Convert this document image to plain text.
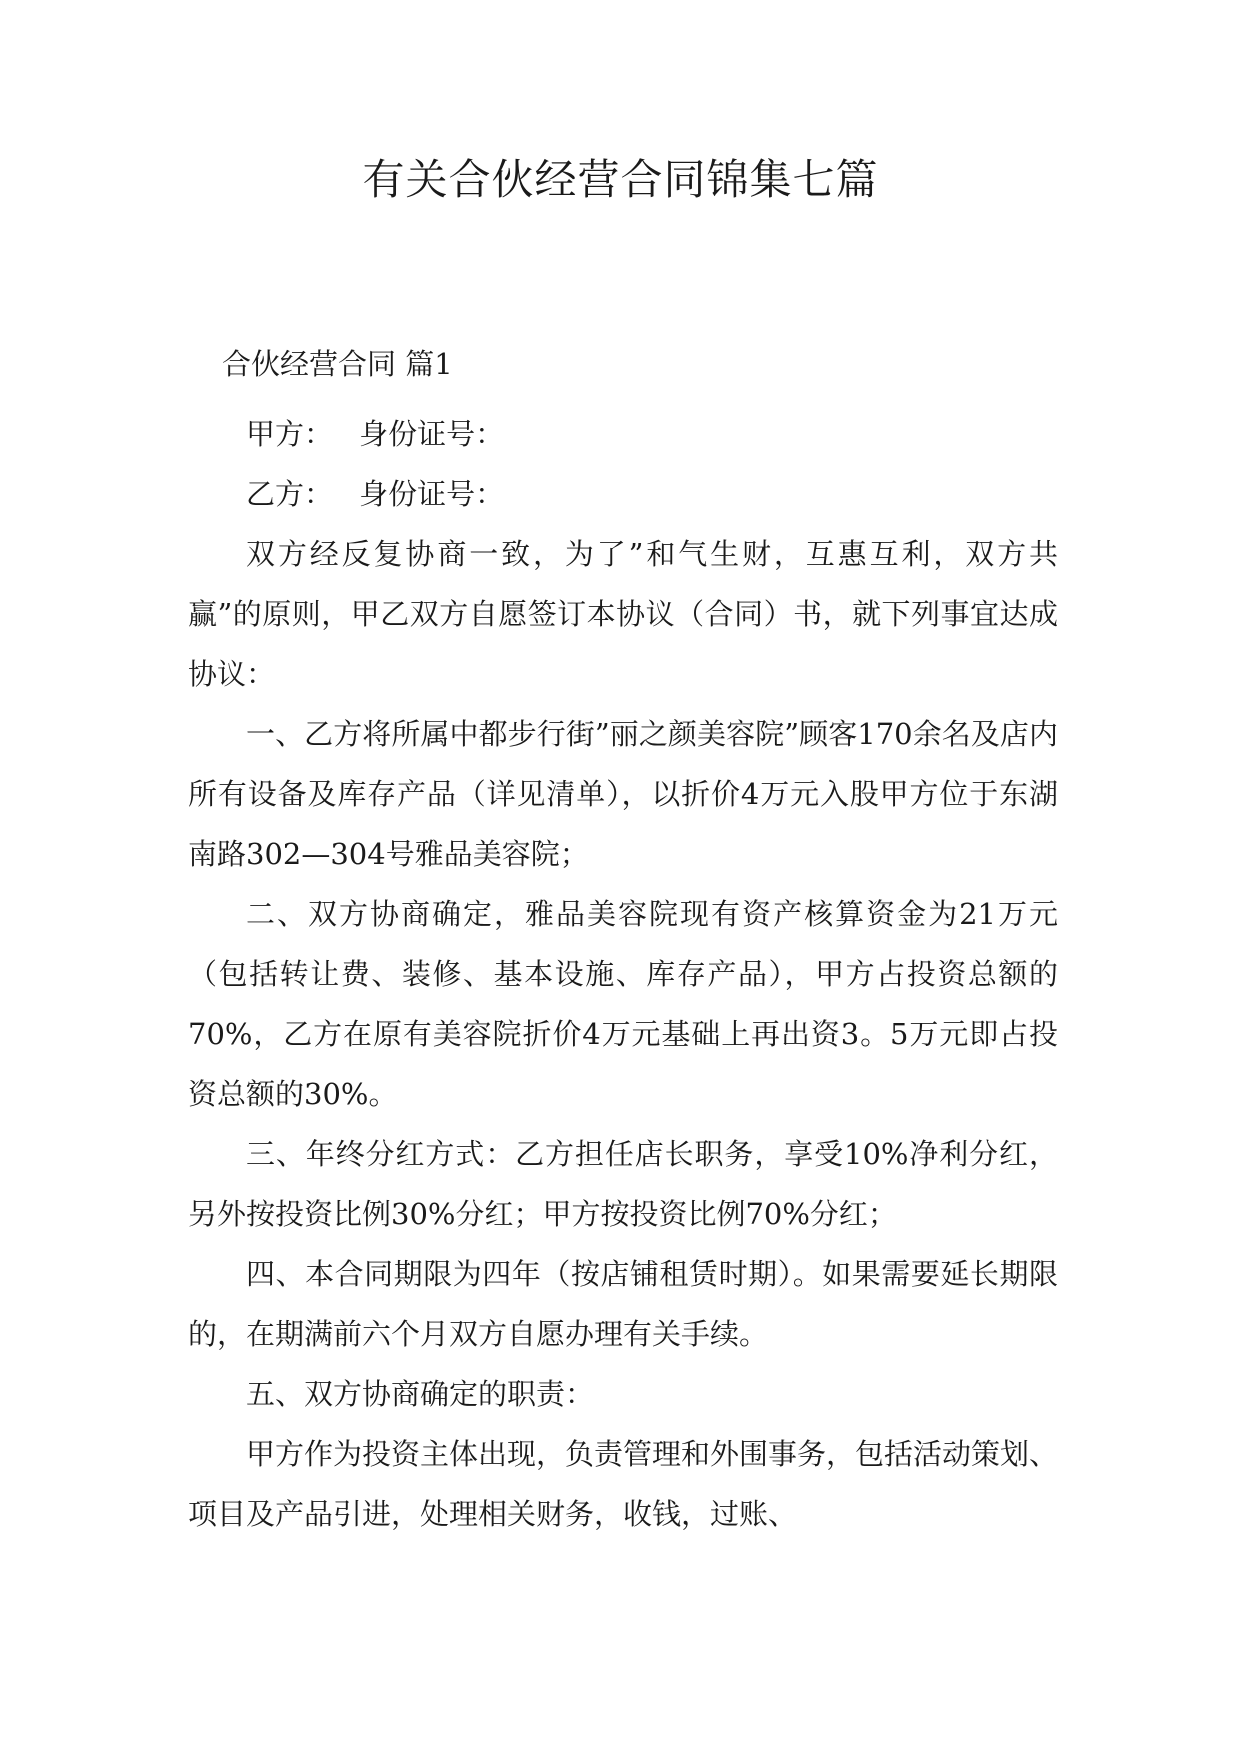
有关合伙经营合同锦集七篇
合伙经营合同 篇1

甲方： 身份证号：

乙方： 身份证号：

双方经反复协商一致，为了”和气生财，互惠互利，双方共赢”的原则，甲乙双方自愿签订本协议（合同）书，就下列事宜达成协议：

一、乙方将所属中都步行街”丽之颜美容院”顾客170余名及店内所有设备及库存产品（详见清单），以折价4万元入股甲方位于东湖南路302—304号雅品美容院；

二、双方协商确定，雅品美容院现有资产核算资金为21万元（包括转让费、装修、基本设施、库存产品），甲方占投资总额的70%，乙方在原有美容院折价4万元基础上再出资3。5万元即占投资总额的30%。

三、年终分红方式：乙方担任店长职务，享受10%净利分红，另外按投资比例30%分红；甲方按投资比例70%分红；

四、本合同期限为四年（按店铺租赁时期）。如果需要延长期限的，在期满前六个月双方自愿办理有关手续。

五、双方协商确定的职责：

甲方作为投资主体出现，负责管理和外围事务，包括活动策划、项目及产品引进，处理相关财务，收钱，过账、
